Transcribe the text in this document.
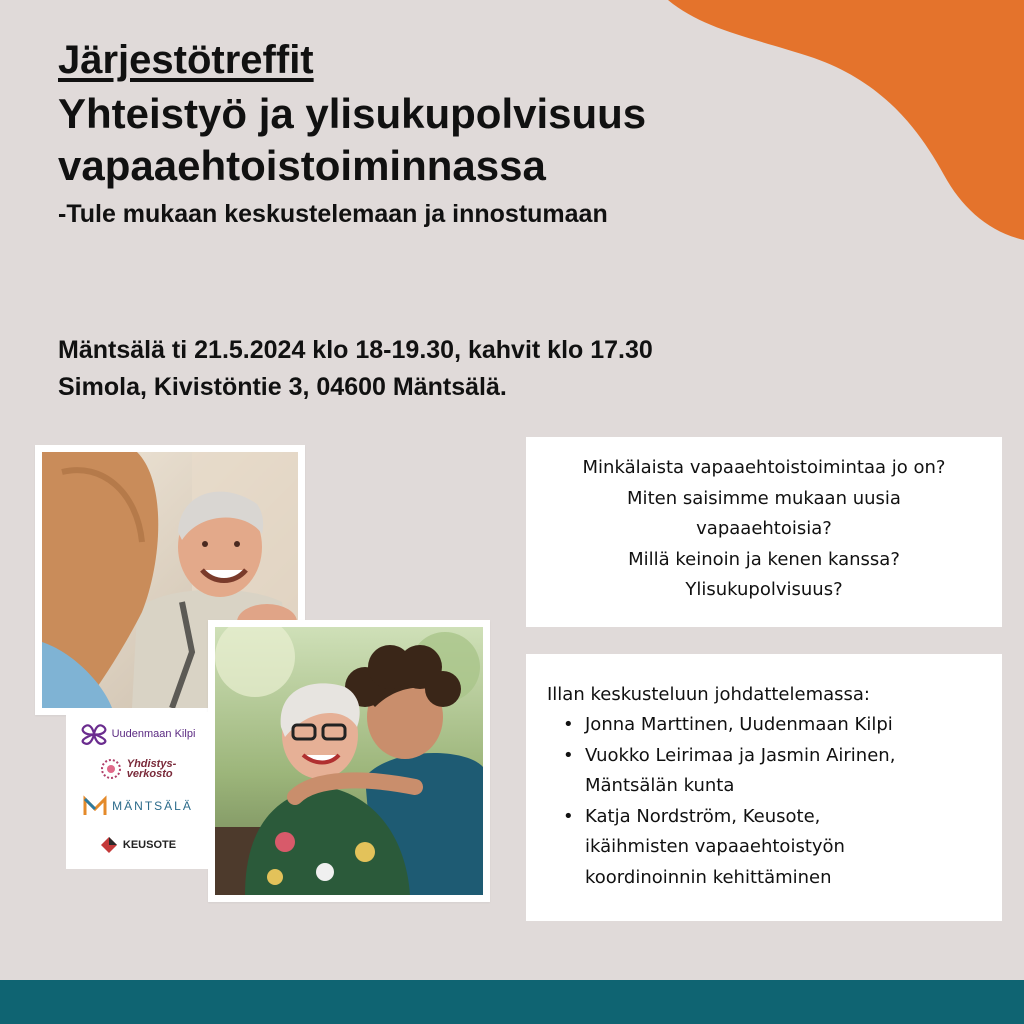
Järjestötreffit
Yhteistyö ja ylisukupolvisuus
vapaaehtoistoiminnassa
-Tule mukaan keskustelemaan ja innostumaan
Mäntsälä ti 21.5.2024 klo 18-19.30, kahvit klo 17.30
Simola, Kivistöntie 3, 04600 Mäntsälä.
Uudenmaan Kilpi
Yhdistys-
verkosto
MÄNTSÄLÄ
KEUSOTE
Minkälaista vapaaehtoistoimintaa jo on?
Miten saisimme mukaan uusia
vapaaehtoisia?
Millä keinoin ja kenen kanssa?
Ylisukupolvisuus?
Illan keskusteluun johdattelemassa:
• Jonna Marttinen, Uudenmaan Kilpi
• Vuokko Leirimaa ja Jasmin Airinen,
Mäntsälän kunta
• Katja Nordström, Keusote,
ikäihmisten vapaaehtoistyön
koordinoinnin kehittäminen
